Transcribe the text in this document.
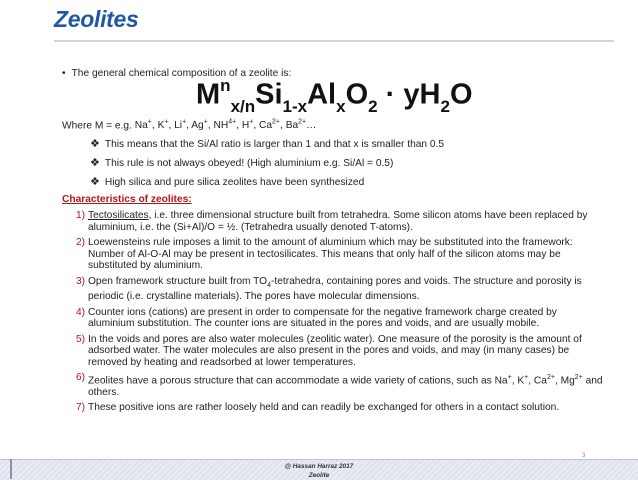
Zeolites
• The general chemical composition of a zeolite is:
$M^n_{x/n}Si_{1-x}Al_xO_2 \cdot yH_2O$
Where M = e.g. Na+, K+, Li+, Ag+, $NH^{4+}$, H+, $Ca^{2+}$, $Ba^{2+}\dots$
❖ This means that the Si/Al ratio is larger than 1 and that x is smaller than 0.5
❖ This rule is not always obeyed! (High aluminium e.g. Si/Al = 0.5)
❖ High silica and pure silica zeolites have been synthesized
Characteristics of zeolites:
1) Tectosilicates, i.e. three dimensional structure built from tetrahedra. Some silicon atoms have been replaced by aluminium, i.e. the (Si+Al)/O = ½. (Tetrahedra usually denoted T-atoms).
2) Loewensteins rule imposes a limit to the amount of aluminium which may be substituted into the framework: Number of Al-O-Al may be present in tectosilicates. This means that only half of the silicon atoms may be substituted by aluminium.
3) Open framework structure built from $TO_4$-tetrahedra, containing pores and voids. The structure and porosity is periodic (i.e. crystalline materials). The pores have molecular dimensions.
4) Counter ions (cations) are present in order to compensate for the negative framework charge created by aluminium substitution. The counter ions are situated in the pores and voids, and are usually mobile.
5) In the voids and pores are also water molecules (zeolitic water). One measure of the porosity is the amount of adsorbed water. The water molecules are also present in the pores and voids, and may (in many cases) be removed by heating and readsorbed at lower temperatures.
6) Zeolites have a porous structure that can accommodate a wide variety of cations, such as Na+, K+, $Ca^{2+}$, $Mg^{2+}$ and others.
7) These positive ions are rather loosely held and can readily be exchanged for others in a contact solution.
3
@ Hassan Harraz 2017
Zeolite
